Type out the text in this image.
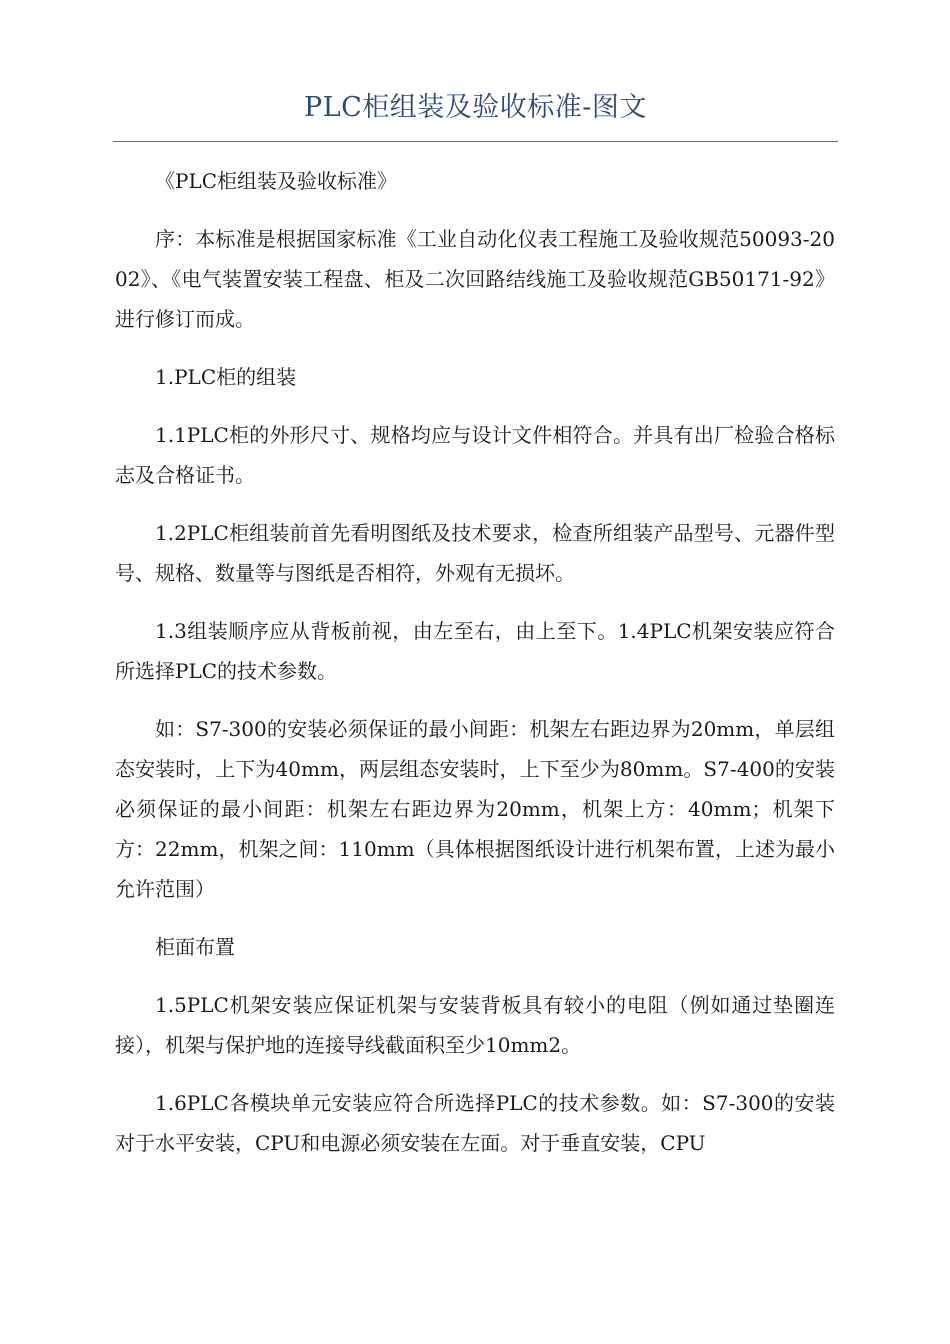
PLC柜组装及验收标准-图文

《PLC柜组装及验收标准》

序：本标准是根据国家标准《工业自动化仪表工程施工及验收规范50093-2002》、《电气装置安装工程盘、柜及二次回路结线施工及验收规范GB50171-92》进行修订而成。

1.PLC柜的组装

1.1PLC柜的外形尺寸、规格均应与设计文件相符合。并具有出厂检验合格标志及合格证书。

1.2PLC柜组装前首先看明图纸及技术要求，检查所组装产品型号、元器件型号、规格、数量等与图纸是否相符，外观有无损坏。

1.3组装顺序应从背板前视，由左至右，由上至下。1.4PLC机架安装应符合所选择PLC的技术参数。

如：S7-300的安装必须保证的最小间距：机架左右距边界为20mm，单层组态安装时，上下为40mm，两层组态安装时，上下至少为80mm。S7-400的安装必须保证的最小间距：机架左右距边界为20mm，机架上方：40mm；机架下方：22mm，机架之间：110mm（具体根据图纸设计进行机架布置，上述为最小允许范围）

柜面布置

1.5PLC机架安装应保证机架与安装背板具有较小的电阻（例如通过垫圈连接），机架与保护地的连接导线截面积至少10mm2。

1.6PLC各模块单元安装应符合所选择PLC的技术参数。如：S7-300的安装对于水平安装，CPU和电源必须安装在左面。对于垂直安装，CPU
